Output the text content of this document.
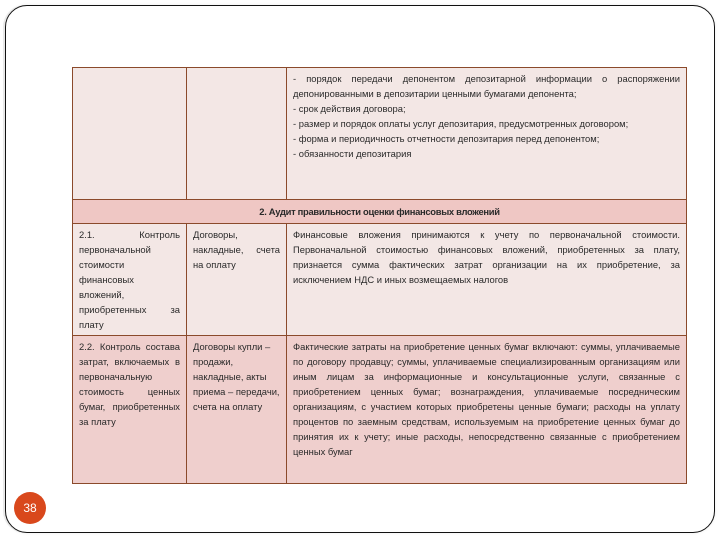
		- порядок передачи депонентом депозитарной информации о распоряжении депонированными в депозитарии ценными бумагами депонента;
- срок действия договора;
- размер и порядок оплаты услуг депозитария, предусмотренных договором;
- форма и периодичность отчетности депозитария перед депонентом;
- обязанности депозитария

2. Аудит правильности оценки финансовых вложений		
2.1. Контроль первоначальной стоимости финансовых вложений, приобретенных за плату	Договоры, накладные, счета на оплату	Финансовые вложения принимаются к учету по первоначальной стоимости. Первоначальной стоимостью финансовых вложений, приобретенных за плату, признается сумма фактических затрат организации на их приобретение, за исключением НДС и иных возмещаемых налогов
2.2. Контроль состава затрат, включаемых в первоначальную стоимость ценных бумаг, приобретенных за плату	Договоры купли – продажи, накладные, акты приема – передачи, счета на оплату	Фактические затраты на приобретение ценных бумаг включают: суммы, уплачиваемые по договору продавцу; суммы, уплачиваемые специализированным организациям или иным лицам за информационные и консультационные услуги, связанные с приобретением ценных бумаг; вознаграждения, уплачиваемые посредническим организациям, с участием которых приобретены ценные бумаги; расходы на уплату процентов по заемным средствам, используемым на приобретение ценных бумаг до принятия их к учету; иные расходы, непосредственно связанные с приобретением ценных бумаг
38
